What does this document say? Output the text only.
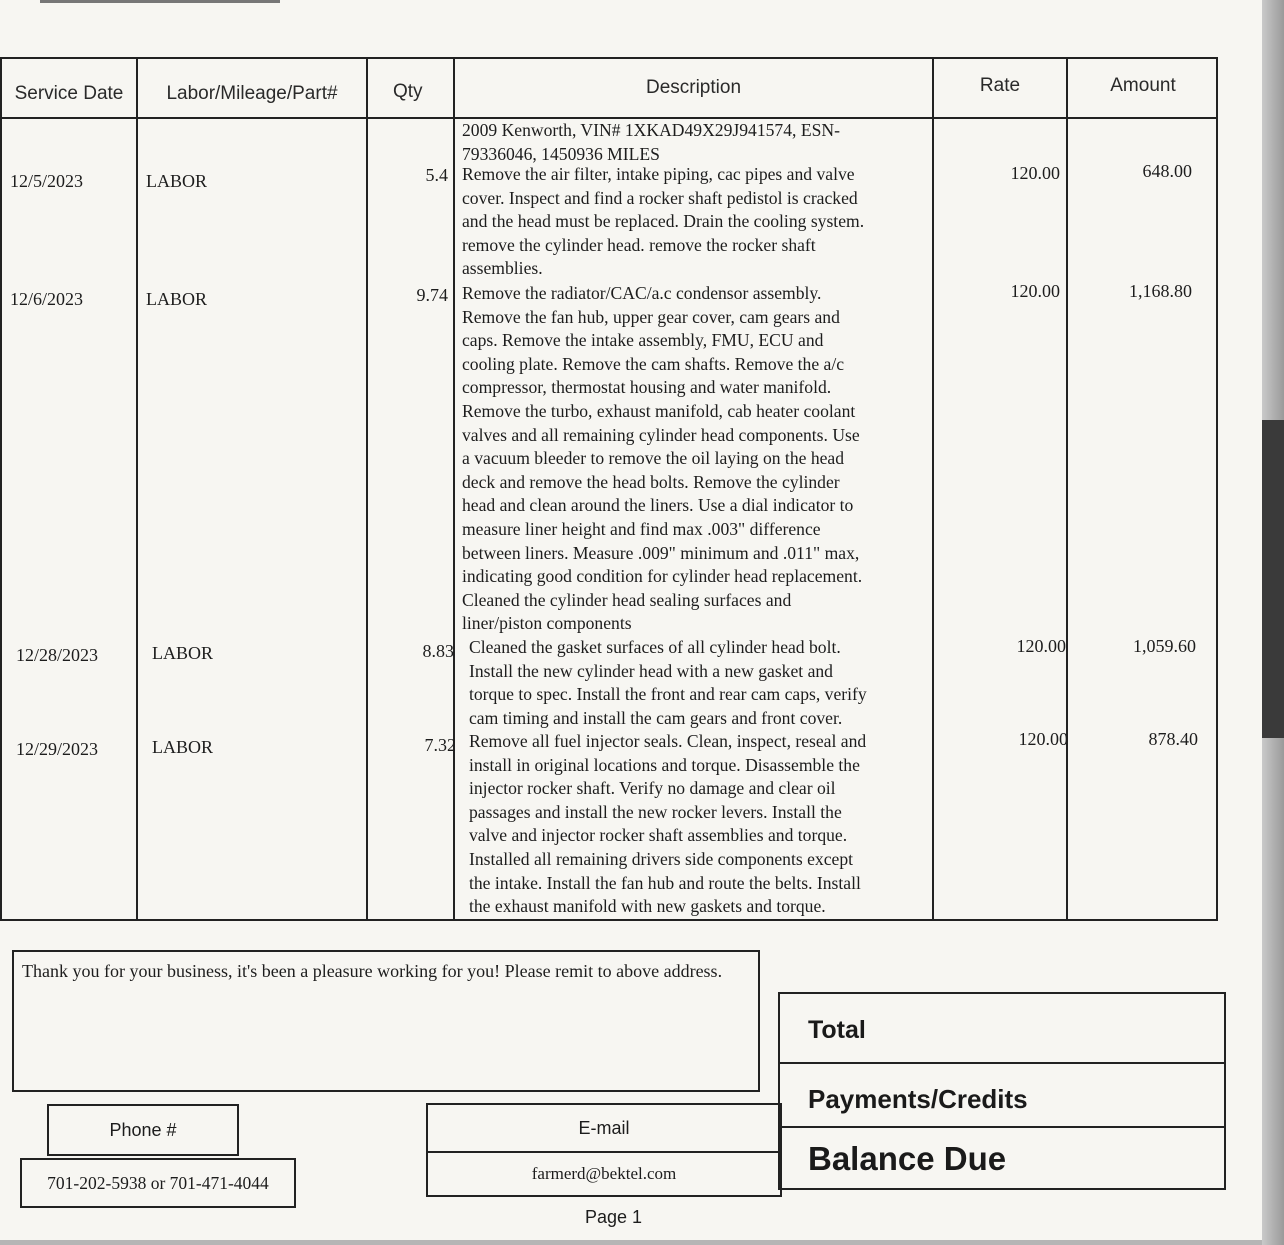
Service Date	Labor/Mileage/Part#	Qty	Description	Rate	Amount
2009 Kenworth, VIN# 1XKAD49X29J941574, ESN-
79336046, 1450936 MILES
12/5/2023	LABOR	5.4 Remove the air filter, intake piping, cac pipes and valve
cover. Inspect and find a rocker shaft pedistol is cracked
and the head must be replaced. Drain the cooling system.
remove the cylinder head. remove the rocker shaft
assemblies.
120.00	648.00
12/6/2023	LABOR	9.74 Remove the radiator/CAC/a.c condensor assembly.
Remove the fan hub, upper gear cover, cam gears and
caps. Remove the intake assembly, FMU, ECU and
cooling plate. Remove the cam shafts. Remove the a/c
compressor, thermostat housing and water manifold.
Remove the turbo, exhaust manifold, cab heater coolant
valves and all remaining cylinder head components. Use
a vacuum bleeder to remove the oil laying on the head
deck and remove the head bolts. Remove the cylinder
head and clean around the liners. Use a dial indicator to
measure liner height and find max .003" difference
between liners. Measure .009" minimum and .011" max,
indicating good condition for cylinder head replacement.
Cleaned the cylinder head sealing surfaces and
liner/piston components
120.00	1,168.80
12/28/2023	LABOR	8.83 Cleaned the gasket surfaces of all cylinder head bolt.
Install the new cylinder head with a new gasket and
torque to spec. Install the front and rear cam caps, verify
cam timing and install the cam gears and front cover.
120.00	1,059.60
12/29/2023	LABOR	7.32 Remove all fuel injector seals. Clean, inspect, reseal and
install in original locations and torque. Disassemble the
injector rocker shaft. Verify no damage and clear oil
passages and install the new rocker levers. Install the
valve and injector rocker shaft assemblies and torque.
Installed all remaining drivers side components except
the intake. Install the fan hub and route the belts. Install
the exhaust manifold with new gaskets and torque.
120.00	878.40
Thank you for your business, it's been a pleasure working for you! Please remit to above address.
Total
Payments/Credits
Balance Due
Phone #
701-202-5938 or 701-471-4044
E-mail
farmerd@bektel.com
Page 1
